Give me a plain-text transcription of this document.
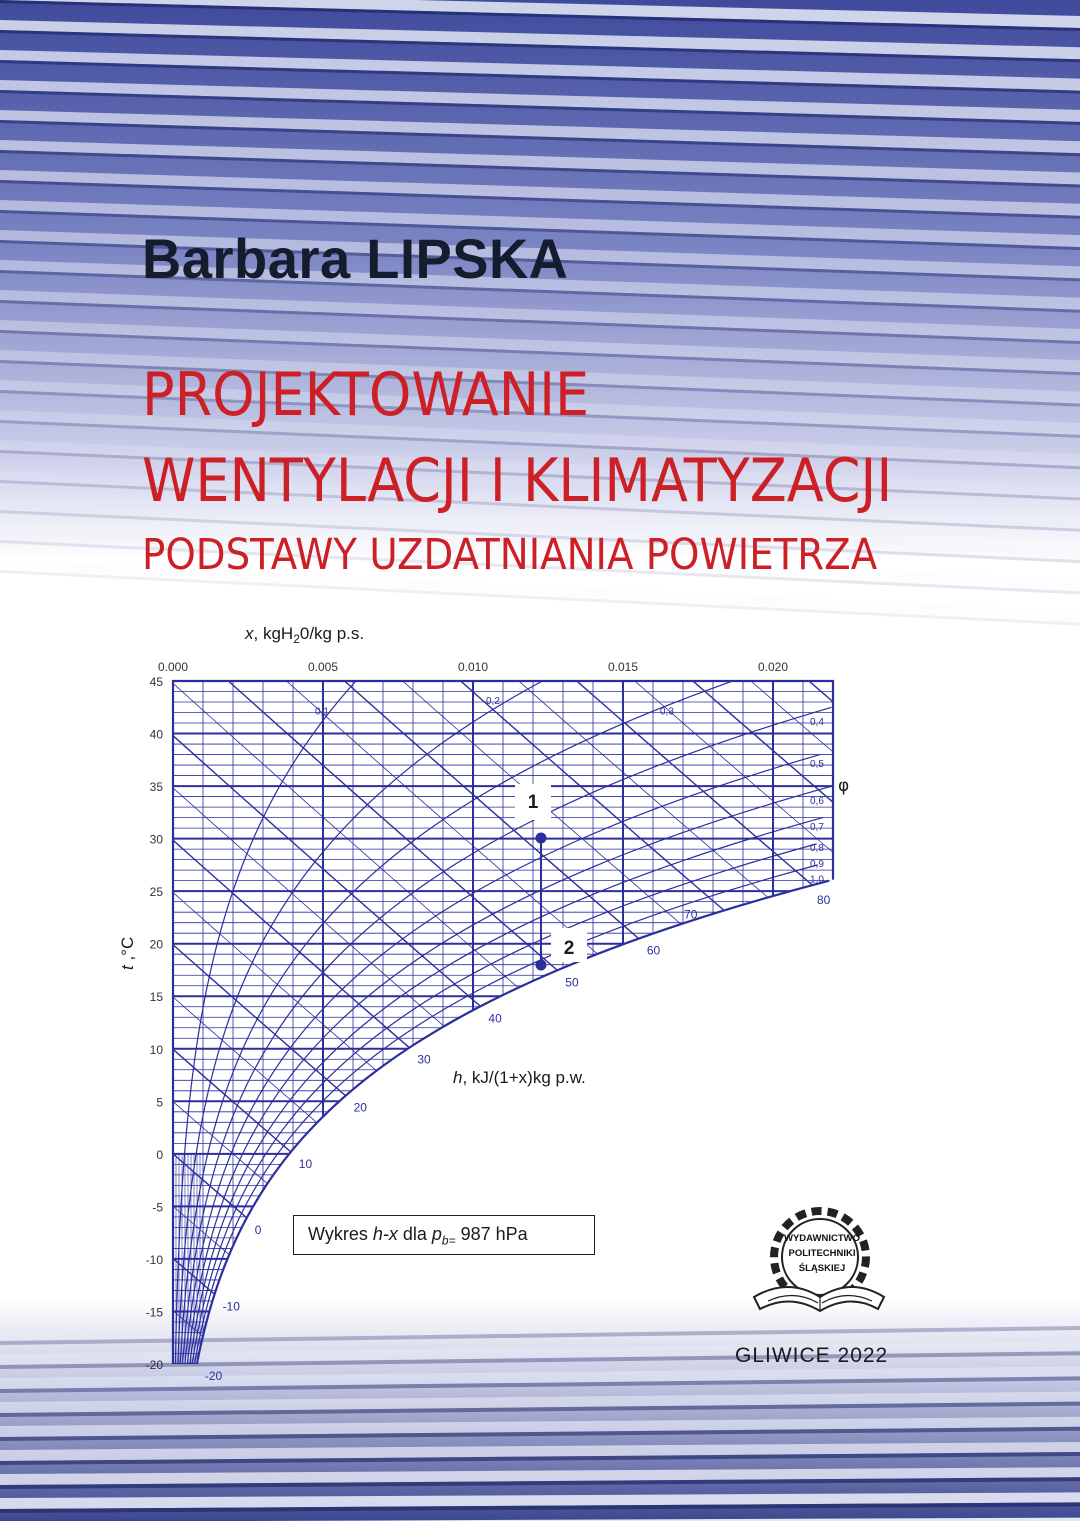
Barbara LIPSKA
PROJEKTOWANIE
WENTYLACJI I KLIMATYZACJI
PODSTAWY UZDATNIANIA POWIETRZA
0,1
0,2
0,3
0,4
0,5
0,6
0,7
0,8
0,9
1,0
0.000	0.005	0.010	0.015	0.020
45
40
35
30
25
20
15
10
5
0
-5
-10
-15
-20
-20
-10
0
10
20
30
40
50
60
70
80
x, kgH$_2$0/kg p.s.
t ,°C
h, kJ/(1+x)kg p.w.
φ
1
2
Wykres h-x dla $p_{b=}$ 987 hPa	WYDAWNICTWO
POLITECHNIKI
ŚLĄSKIEJ
GLIWICE 2022
